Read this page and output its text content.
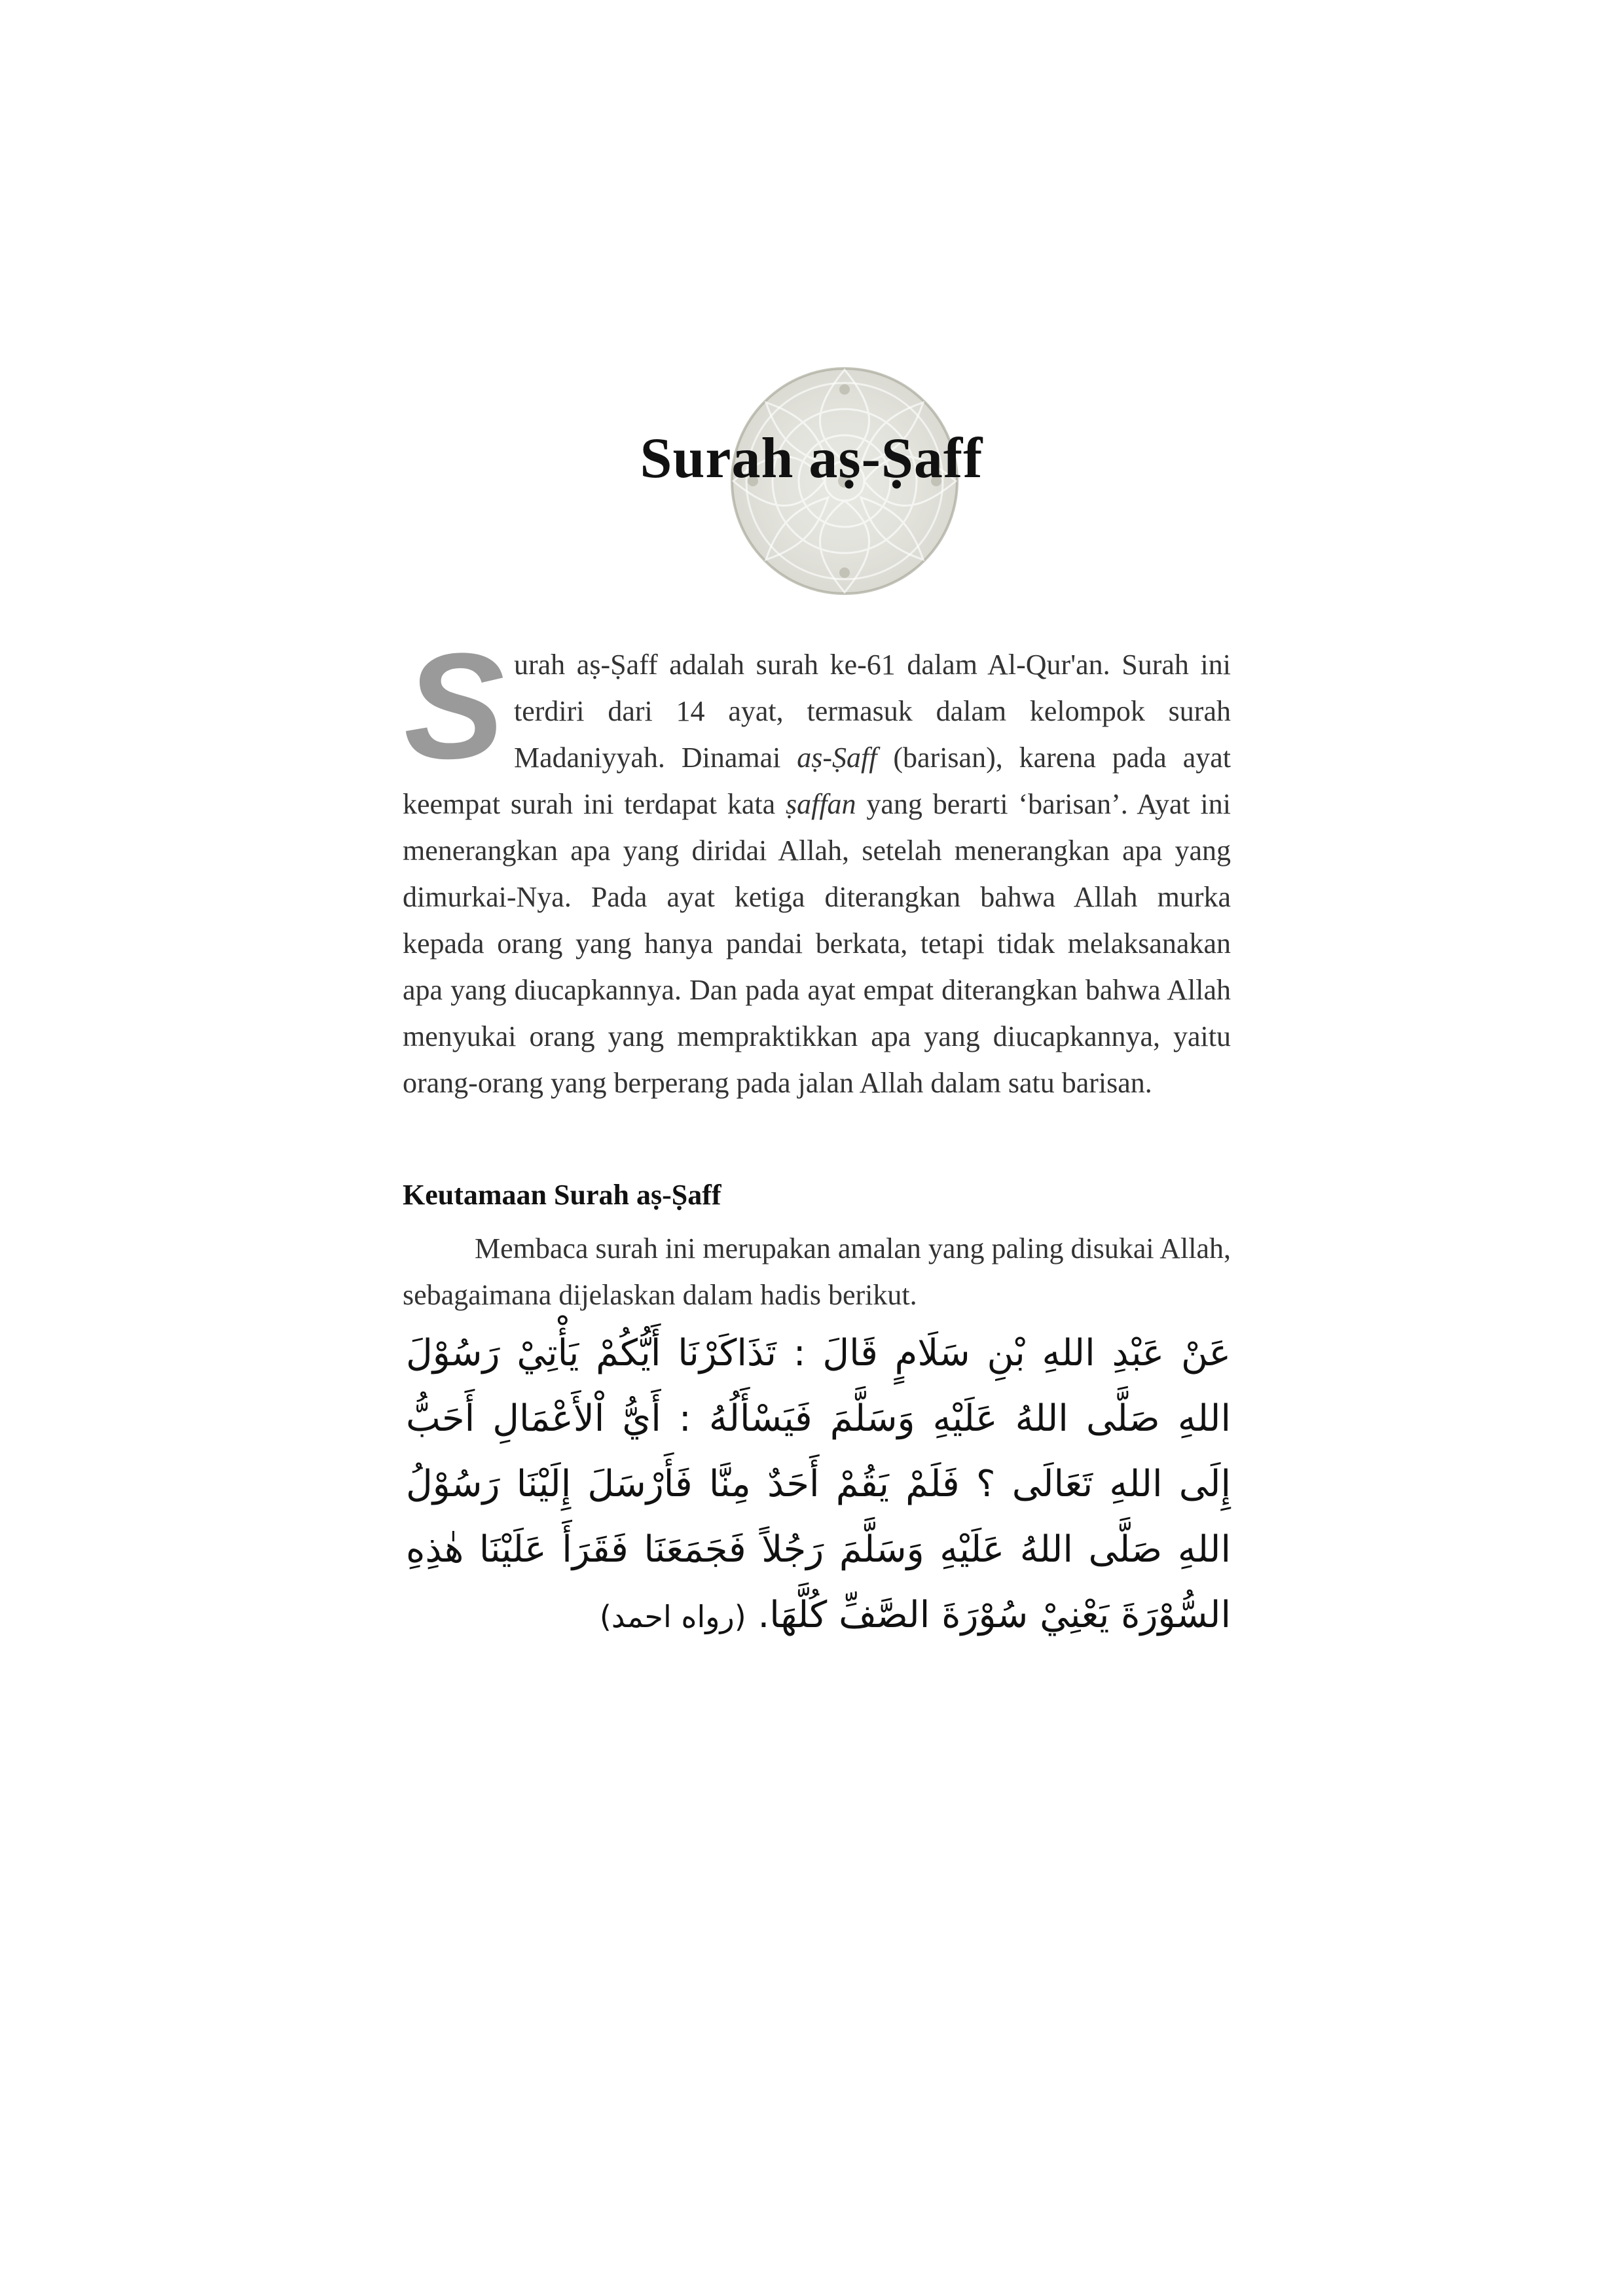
Surah aṣ-Ṣaff
S urah aṣ-Ṣaff adalah surah ke-61 dalam Al-Qur'an. Surah ini terdiri dari 14 ayat, termasuk dalam kelompok surah Madaniyyah. Dinamai aṣ-Ṣaff (barisan), karena pada ayat keempat surah ini terdapat kata ṣaffan yang berarti ‘barisan’. Ayat ini menerangkan apa yang diridai Allah, setelah menerangkan apa yang dimurkai-Nya. Pada ayat ketiga diterangkan bahwa Allah murka kepada orang yang hanya pandai berkata, tetapi tidak melaksanakan apa yang diucapkannya. Dan pada ayat empat diterangkan bahwa Allah menyukai orang yang mempraktikkan apa yang diucapkannya, yaitu orang-orang yang berperang pada jalan Allah dalam satu barisan.
Keutamaan Surah aṣ-Ṣaff

Membaca surah ini merupakan amalan yang paling disukai Allah, sebagaimana dijelaskan dalam hadis berikut.

عَنْ عَبْدِ اللهِ بْنِ سَلَامٍ قَالَ : تَذَاكَرْنَا أَيُّكُمْ يَأْتِيْ رَسُوْلَ اللهِ صَلَّى اللهُ عَلَيْهِ وَسَلَّمَ فَيَسْأَلُهُ : أَيُّ اْلأَعْمَالِ أَحَبُّ إِلَى اللهِ تَعَالَى ؟ فَلَمْ يَقُمْ أَحَدٌ مِنَّا فَأَرْسَلَ إِلَيْنَا رَسُوْلُ اللهِ صَلَّى اللهُ عَلَيْهِ وَسَلَّمَ رَجُلاً فَجَمَعَنَا فَقَرَأَ عَلَيْنَا هٰذِهِ السُّوْرَةَ يَعْنِيْ سُوْرَةَ الصَّفِّ كُلَّهَا. (رواه احمد)
